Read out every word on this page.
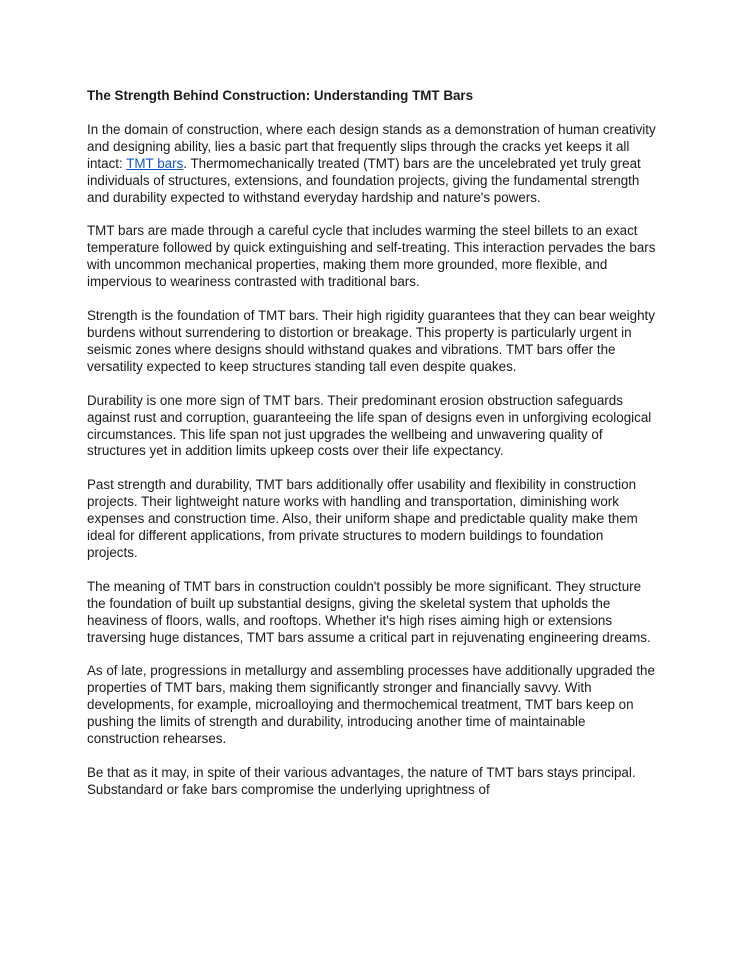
The Strength Behind Construction: Understanding TMT Bars

In the domain of construction, where each design stands as a demonstration of human creativity and designing ability, lies a basic part that frequently slips through the cracks yet keeps it all intact: TMT bars. Thermomechanically treated (TMT) bars are the uncelebrated yet truly great individuals of structures, extensions, and foundation projects, giving the fundamental strength and durability expected to withstand everyday hardship and nature's powers.

TMT bars are made through a careful cycle that includes warming the steel billets to an exact temperature followed by quick extinguishing and self-treating. This interaction pervades the bars with uncommon mechanical properties, making them more grounded, more flexible, and impervious to weariness contrasted with traditional bars.

Strength is the foundation of TMT bars. Their high rigidity guarantees that they can bear weighty burdens without surrendering to distortion or breakage. This property is particularly urgent in seismic zones where designs should withstand quakes and vibrations. TMT bars offer the versatility expected to keep structures standing tall even despite quakes.

Durability is one more sign of TMT bars. Their predominant erosion obstruction safeguards against rust and corruption, guaranteeing the life span of designs even in unforgiving ecological circumstances. This life span not just upgrades the wellbeing and unwavering quality of structures yet in addition limits upkeep costs over their life expectancy.

Past strength and durability, TMT bars additionally offer usability and flexibility in construction projects. Their lightweight nature works with handling and transportation, diminishing work expenses and construction time. Also, their uniform shape and predictable quality make them ideal for different applications, from private structures to modern buildings to foundation projects.

The meaning of TMT bars in construction couldn't possibly be more significant. They structure the foundation of built up substantial designs, giving the skeletal system that upholds the heaviness of floors, walls, and rooftops. Whether it's high rises aiming high or extensions traversing huge distances, TMT bars assume a critical part in rejuvenating engineering dreams.

As of late, progressions in metallurgy and assembling processes have additionally upgraded the properties of TMT bars, making them significantly stronger and financially savvy. With developments, for example, microalloying and thermochemical treatment, TMT bars keep on pushing the limits of strength and durability, introducing another time of maintainable construction rehearses.

Be that as it may, in spite of their various advantages, the nature of TMT bars stays principal. Substandard or fake bars compromise the underlying uprightness of
